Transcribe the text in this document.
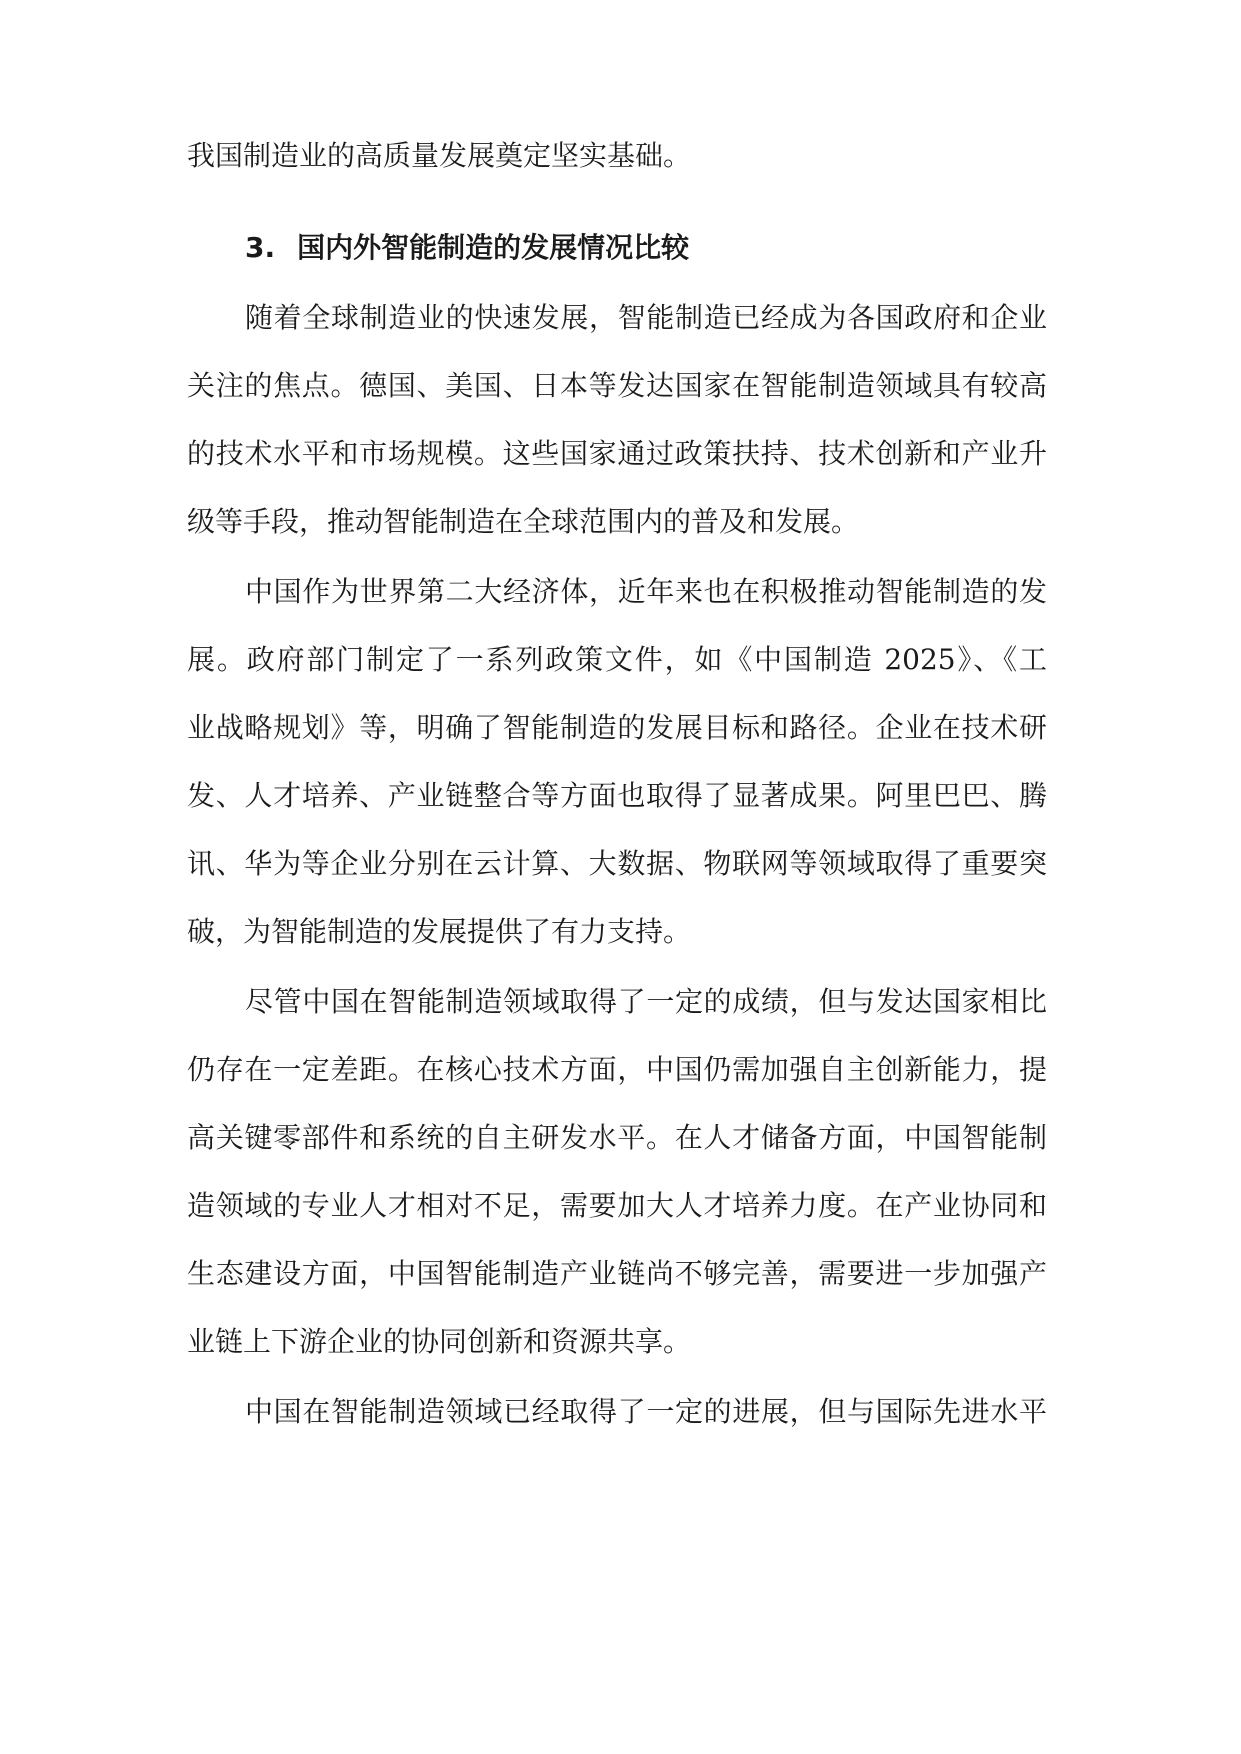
我国制造业的高质量发展奠定坚实基础。
3. 国内外智能制造的发展情况比较
随着全球制造业的快速发展，智能制造已经成为各国政府和企业
关注的焦点。德国、美国、日本等发达国家在智能制造领域具有较高
的技术水平和市场规模。这些国家通过政策扶持、技术创新和产业升
级等手段，推动智能制造在全球范围内的普及和发展。
中国作为世界第二大经济体，近年来也在积极推动智能制造的发
展。政府部门制定了一系列政策文件，如《中国制造 2025》、《工
业战略规划》等，明确了智能制造的发展目标和路径。企业在技术研
发、人才培养、产业链整合等方面也取得了显著成果。阿里巴巴、腾
讯、华为等企业分别在云计算、大数据、物联网等领域取得了重要突
破，为智能制造的发展提供了有力支持。
尽管中国在智能制造领域取得了一定的成绩，但与发达国家相比
仍存在一定差距。在核心技术方面，中国仍需加强自主创新能力，提
高关键零部件和系统的自主研发水平。在人才储备方面，中国智能制
造领域的专业人才相对不足，需要加大人才培养力度。在产业协同和
生态建设方面，中国智能制造产业链尚不够完善，需要进一步加强产
业链上下游企业的协同创新和资源共享。
中国在智能制造领域已经取得了一定的进展，但与国际先进水平
